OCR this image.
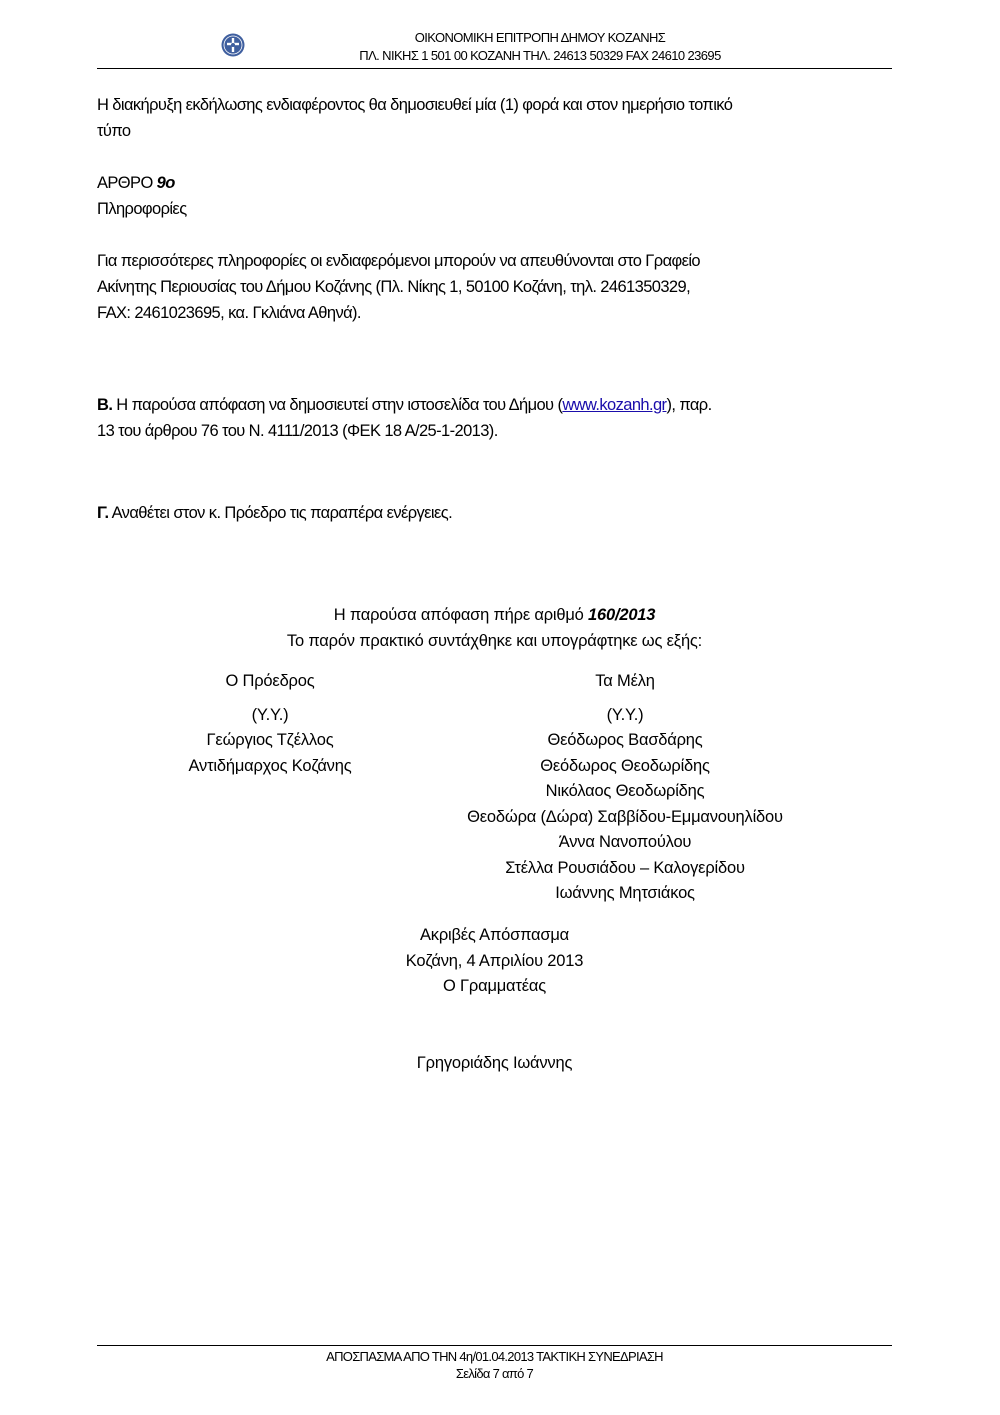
ΟΙΚΟΝΟΜΙΚΗ ΕΠΙΤΡΟΠΗ ΔΗΜΟΥ ΚΟΖΑΝΗΣ
ΠΛ. ΝΙΚΗΣ 1 501 00 ΚΟΖΑΝΗ ΤΗΛ. 24613 50329 FAX 24610 23695
Η διακήρυξη εκδήλωσης ενδιαφέροντος θα δημοσιευθεί μία (1) φορά και στον ημερήσιο τοπικό
τύπο
ΑΡΘΡΟ 9ο
Πληροφορίες
Για περισσότερες πληροφορίες οι ενδιαφερόμενοι μπορούν να απευθύνονται στο Γραφείο
Ακίνητης Περιουσίας του Δήμου Κοζάνης (Πλ. Νίκης 1, 50100 Κοζάνη, τηλ. 2461350329,
FAX: 2461023695, κα. Γκλιάνα Αθηνά).
Β. Η παρούσα απόφαση να δημοσιευτεί στην ιστοσελίδα του Δήμου (www.kozanh.gr), παρ.
13 του άρθρου 76 του Ν. 4111/2013 (ΦΕΚ 18 Α/25-1-2013).
Γ. Αναθέτει στον κ. Πρόεδρο τις παραπέρα ενέργειες.
Η παρούσα απόφαση πήρε αριθμό 160/2013
Το παρόν πρακτικό συντάχθηκε και υπογράφτηκε ως εξής:
Ο Πρόεδρος
(Υ.Υ.)
Γεώργιος Τζέλλος
Αντιδήμαρχος Κοζάνης
Τα Μέλη
(Υ.Υ.)
Θεόδωρος Βασδάρης
Θεόδωρος Θεοδωρίδης
Νικόλαος Θεοδωρίδης
Θεοδώρα (Δώρα) Σαββίδου-Εμμανουηλίδου
Άννα Νανοπούλου
Στέλλα Ρουσιάδου – Καλογερίδου
Ιωάννης Μητσιάκος
Ακριβές Απόσπασμα
Κοζάνη, 4 Απριλίου 2013
Ο Γραμματέας
Γρηγοριάδης Ιωάννης
ΑΠΟΣΠΑΣΜΑ ΑΠΟ ΤΗΝ 4η/01.04.2013 ΤΑΚΤΙΚΗ ΣΥΝΕΔΡΙΑΣΗ
Σελίδα 7 από 7
